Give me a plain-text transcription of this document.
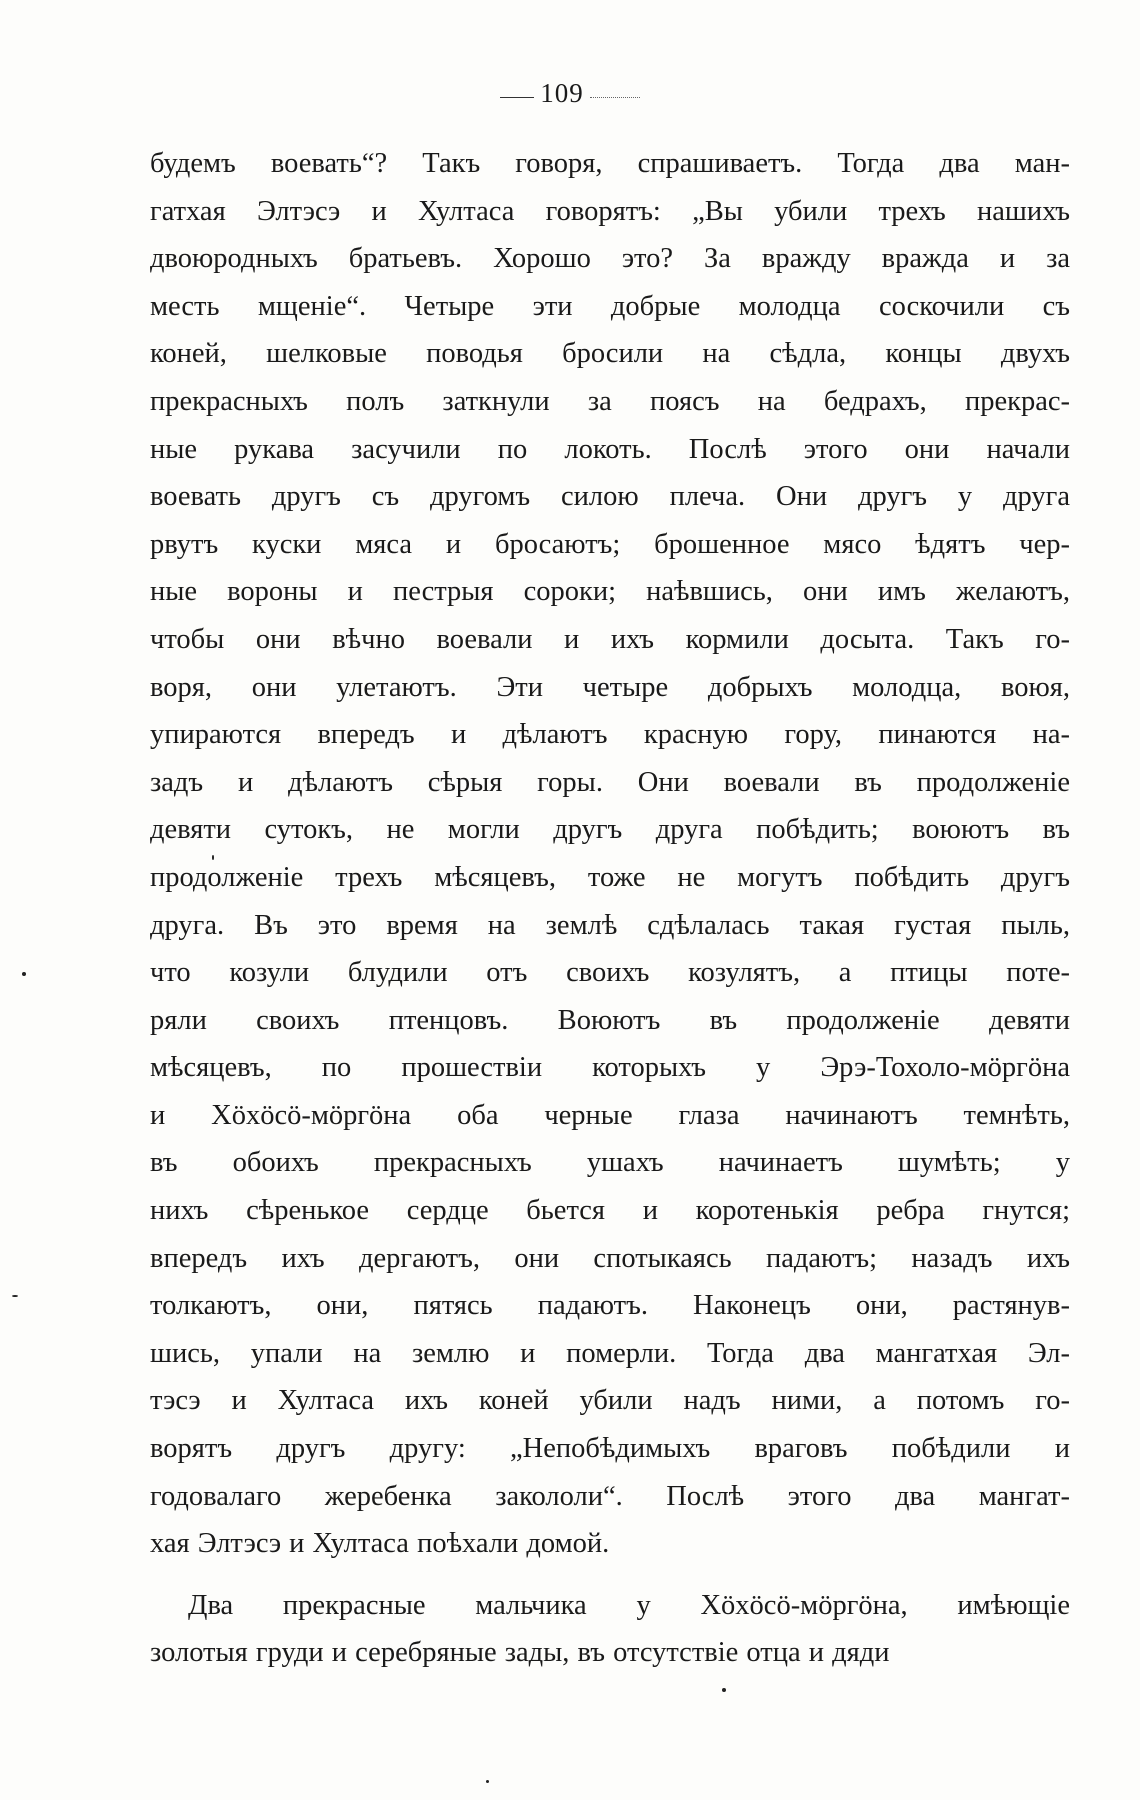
109
будемъ воевать“? Такъ говоря, спрашиваетъ. Тогда два ман-
гатхая Элтэсэ и Хултаса говорятъ: „Вы убили трехъ нашихъ
двоюродныхъ братьевъ. Хорошо это? За вражду вражда и за
месть мщеніе“. Четыре эти добрые молодца соскочили съ
коней, шелковые поводья бросили на сѣдла, концы двухъ
прекрасныхъ полъ заткнули за поясъ на бедрахъ, прекрас-
ные рукава засучили по локоть. Послѣ этого они начали
воевать другъ съ другомъ силою плеча. Они другъ у друга
рвутъ куски мяса и бросаютъ; брошенное мясо ѣдятъ чер-
ные вороны и пестрыя сороки; наѣвшись, они имъ желаютъ,
чтобы они вѣчно воевали и ихъ кормили досыта. Такъ го-
воря, они улетаютъ. Эти четыре добрыхъ молодца, воюя,
упираются впередъ и дѣлаютъ красную гору, пинаются на-
задъ и дѣлаютъ сѣрыя горы. Они воевали въ продолженіе
девяти сутокъ, не могли другъ друга побѣдить; воюютъ въ
продолженіе трехъ мѣсяцевъ, тоже не могутъ побѣдить другъ
друга. Въ это время на землѣ сдѣлалась такая густая пыль,
что козули блудили отъ своихъ козулятъ, а птицы поте-
ряли своихъ птенцовъ. Воюютъ въ продолженіе девяти
мѣсяцевъ, по прошествіи которыхъ у Эрэ-Тохоло-мöргöна
и Хöхöсö-мöргöна оба черные глаза начинаютъ темнѣть,
въ обоихъ прекрасныхъ ушахъ начинаетъ шумѣть; у
нихъ сѣренькое сердце бьется и коротенькія ребра гнутся;
впередъ ихъ дергаютъ, они спотыкаясь падаютъ; назадъ ихъ
толкаютъ, они, пятясь падаютъ. Наконецъ они, растянув-
шись, упали на землю и померли. Тогда два мангатхая Эл-
тэсэ и Хултаса ихъ коней убили надъ ними, а потомъ го-
ворятъ другъ другу: „Непобѣдимыхъ враговъ побѣдили и
годовалаго жеребенка закололи“. Послѣ этого два мангат-
хая Элтэсэ и Хултаса поѣхали домой.
Два прекрасные мальчика у Хöхöсö-мöргöна, имѣющіе
золотыя груди и серебряные зады, въ отсутствіе отца и дяди
